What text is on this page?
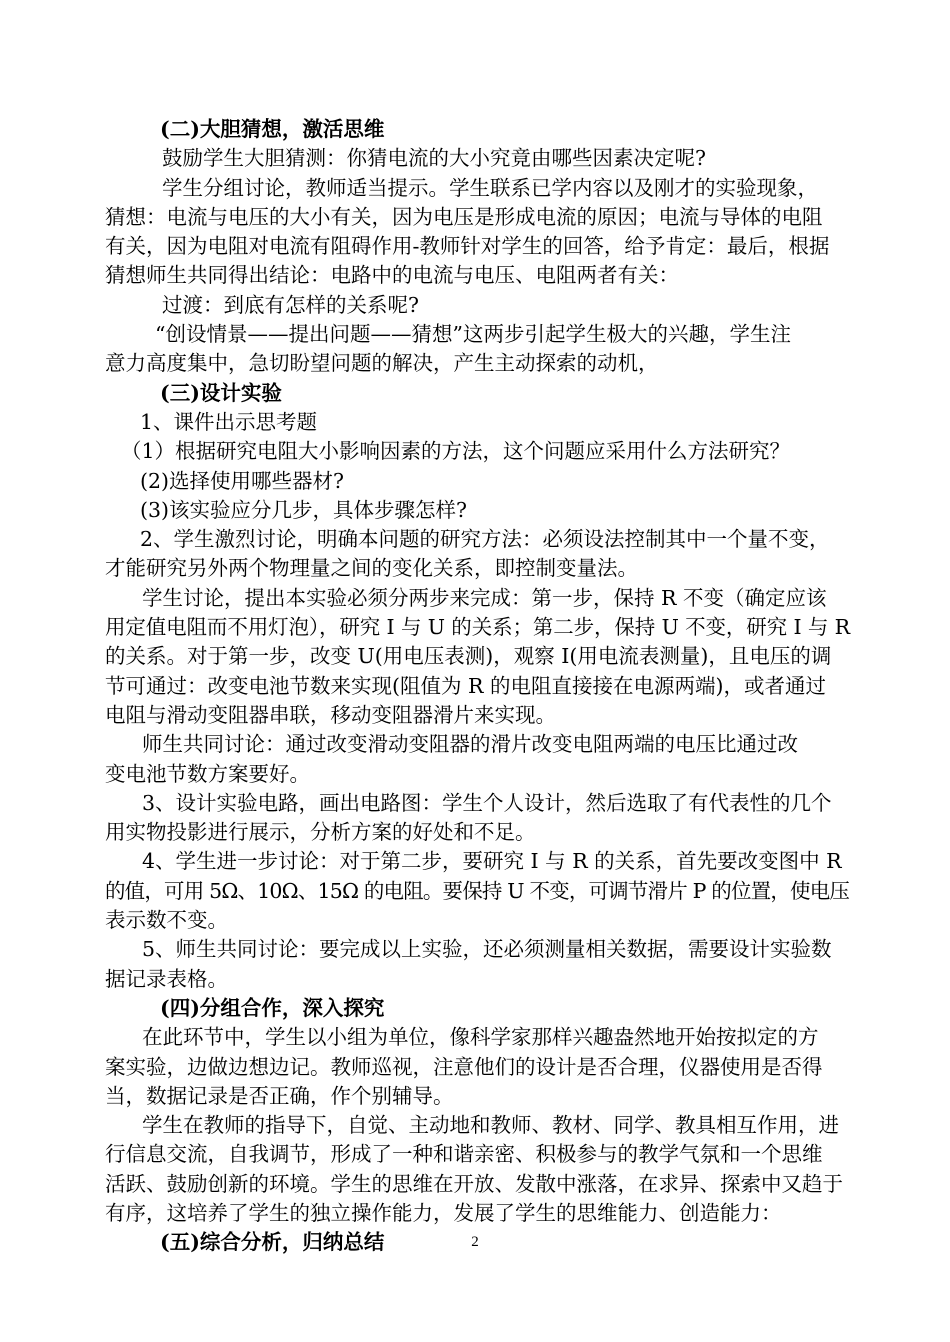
(二)大胆猜想，激活思维
鼓励学生大胆猜测：你猜电流的大小究竟由哪些因素决定呢?
学生分组讨论，教师适当提示。学生联系已学内容以及刚才的实验现象，
猜想：电流与电压的大小有关，因为电压是形成电流的原因；电流与导体的电阻
有关，因为电阻对电流有阻碍作用-教师针对学生的回答，给予肯定：最后，根据
猜想师生共同得出结论：电路中的电流与电压、电阻两者有关：
过渡：到底有怎样的关系呢?
“创设情景——提出问题——猜想”这两步引起学生极大的兴趣，学生注
意力高度集中，急切盼望问题的解决，产生主动探索的动机，
(三)设计实验
1、课件出示思考题
（1）根据研究电阻大小影响因素的方法，这个问题应采用什么方法研究？
(2)选择使用哪些器材?
(3)该实验应分几步，具体步骤怎样?
2、学生激烈讨论，明确本问题的研究方法：必须设法控制其中一个量不变，
才能研究另外两个物理量之间的变化关系，即控制变量法。
学生讨论，提出本实验必须分两步来完成：第一步，保持 R 不变（确定应该
用定值电阻而不用灯泡），研究 I 与 U 的关系；第二步，保持 U 不变，研究 I 与 R
的关系。对于第一步，改变 U(用电压表测)，观察 I(用电流表测量)，且电压的调
节可通过：改变电池节数来实现(阻值为 R 的电阻直接接在电源两端)，或者通过
电阻与滑动变阻器串联，移动变阻器滑片来实现。
师生共同讨论：通过改变滑动变阻器的滑片改变电阻两端的电压比通过改
变电池节数方案要好。
3、设计实验电路，画出电路图：学生个人设计，然后选取了有代表性的几个
用实物投影进行展示，分析方案的好处和不足。
4、学生进一步讨论：对于第二步，要研究 I 与 R 的关系，首先要改变图中 R
的值，可用 5Ω、10Ω、15Ω 的电阻。要保持 U 不变，可调节滑片 P 的位置，使电压
表示数不变。
5、师生共同讨论：要完成以上实验，还必须测量相关数据，需要设计实验数
据记录表格。
(四)分组合作，深入探究
在此环节中，学生以小组为单位，像科学家那样兴趣盎然地开始按拟定的方
案实验，边做边想边记。教师巡视，注意他们的设计是否合理，仪器使用是否得
当，数据记录是否正确，作个别辅导。
学生在教师的指导下，自觉、主动地和教师、教材、同学、教具相互作用，进
行信息交流，自我调节，形成了一种和谐亲密、积极参与的教学气氛和一个思维
活跃、鼓励创新的环境。学生的思维在开放、发散中涨落，在求异、探索中又趋于
有序，这培养了学生的独立操作能力，发展了学生的思维能力、创造能力：
(五)综合分析，归纳总结	2
